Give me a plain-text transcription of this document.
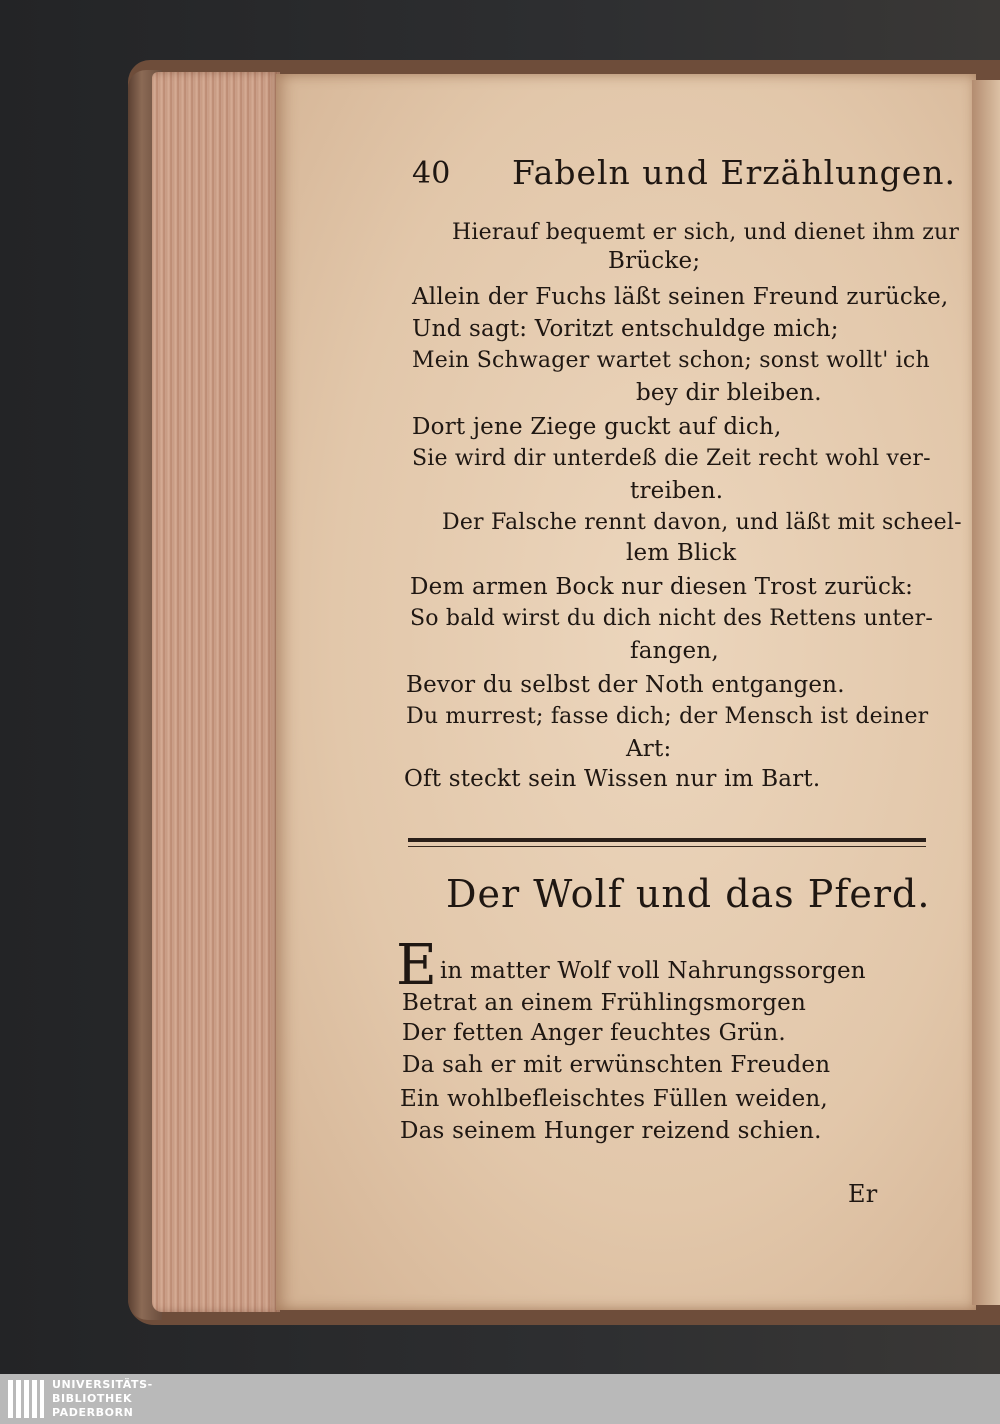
40 Fabeln und Erzählungen.
Hierauf bequemt er sich, und dienet ihm zur
Brücke;
Allein der Fuchs läßt seinen Freund zurücke,
Und sagt: Voritzt entschuldge mich;
Mein Schwager wartet schon; sonst wollt' ich
bey dir bleiben.
Dort jene Ziege guckt auf dich,
Sie wird dir unterdeß die Zeit recht wohl ver-
treiben.
Der Falsche rennt davon, und läßt mit scheel-
lem Blick
Dem armen Bock nur diesen Trost zurück:
So bald wirst du dich nicht des Rettens unter-
fangen,
Bevor du selbst der Noth entgangen.
Du murrest; fasse dich; der Mensch ist deiner
Art:
Oft steckt sein Wissen nur im Bart.
Der Wolf und das Pferd.
E in matter Wolf voll Nahrungssorgen
Betrat an einem Frühlingsmorgen
Der fetten Anger feuchtes Grün.
Da sah er mit erwünschten Freuden
Ein wohlbefleischtes Füllen weiden,
Das seinem Hunger reizend schien.
Er
UNIVERSITÄTS-
BIBLIOTHEK
PADERBORN
